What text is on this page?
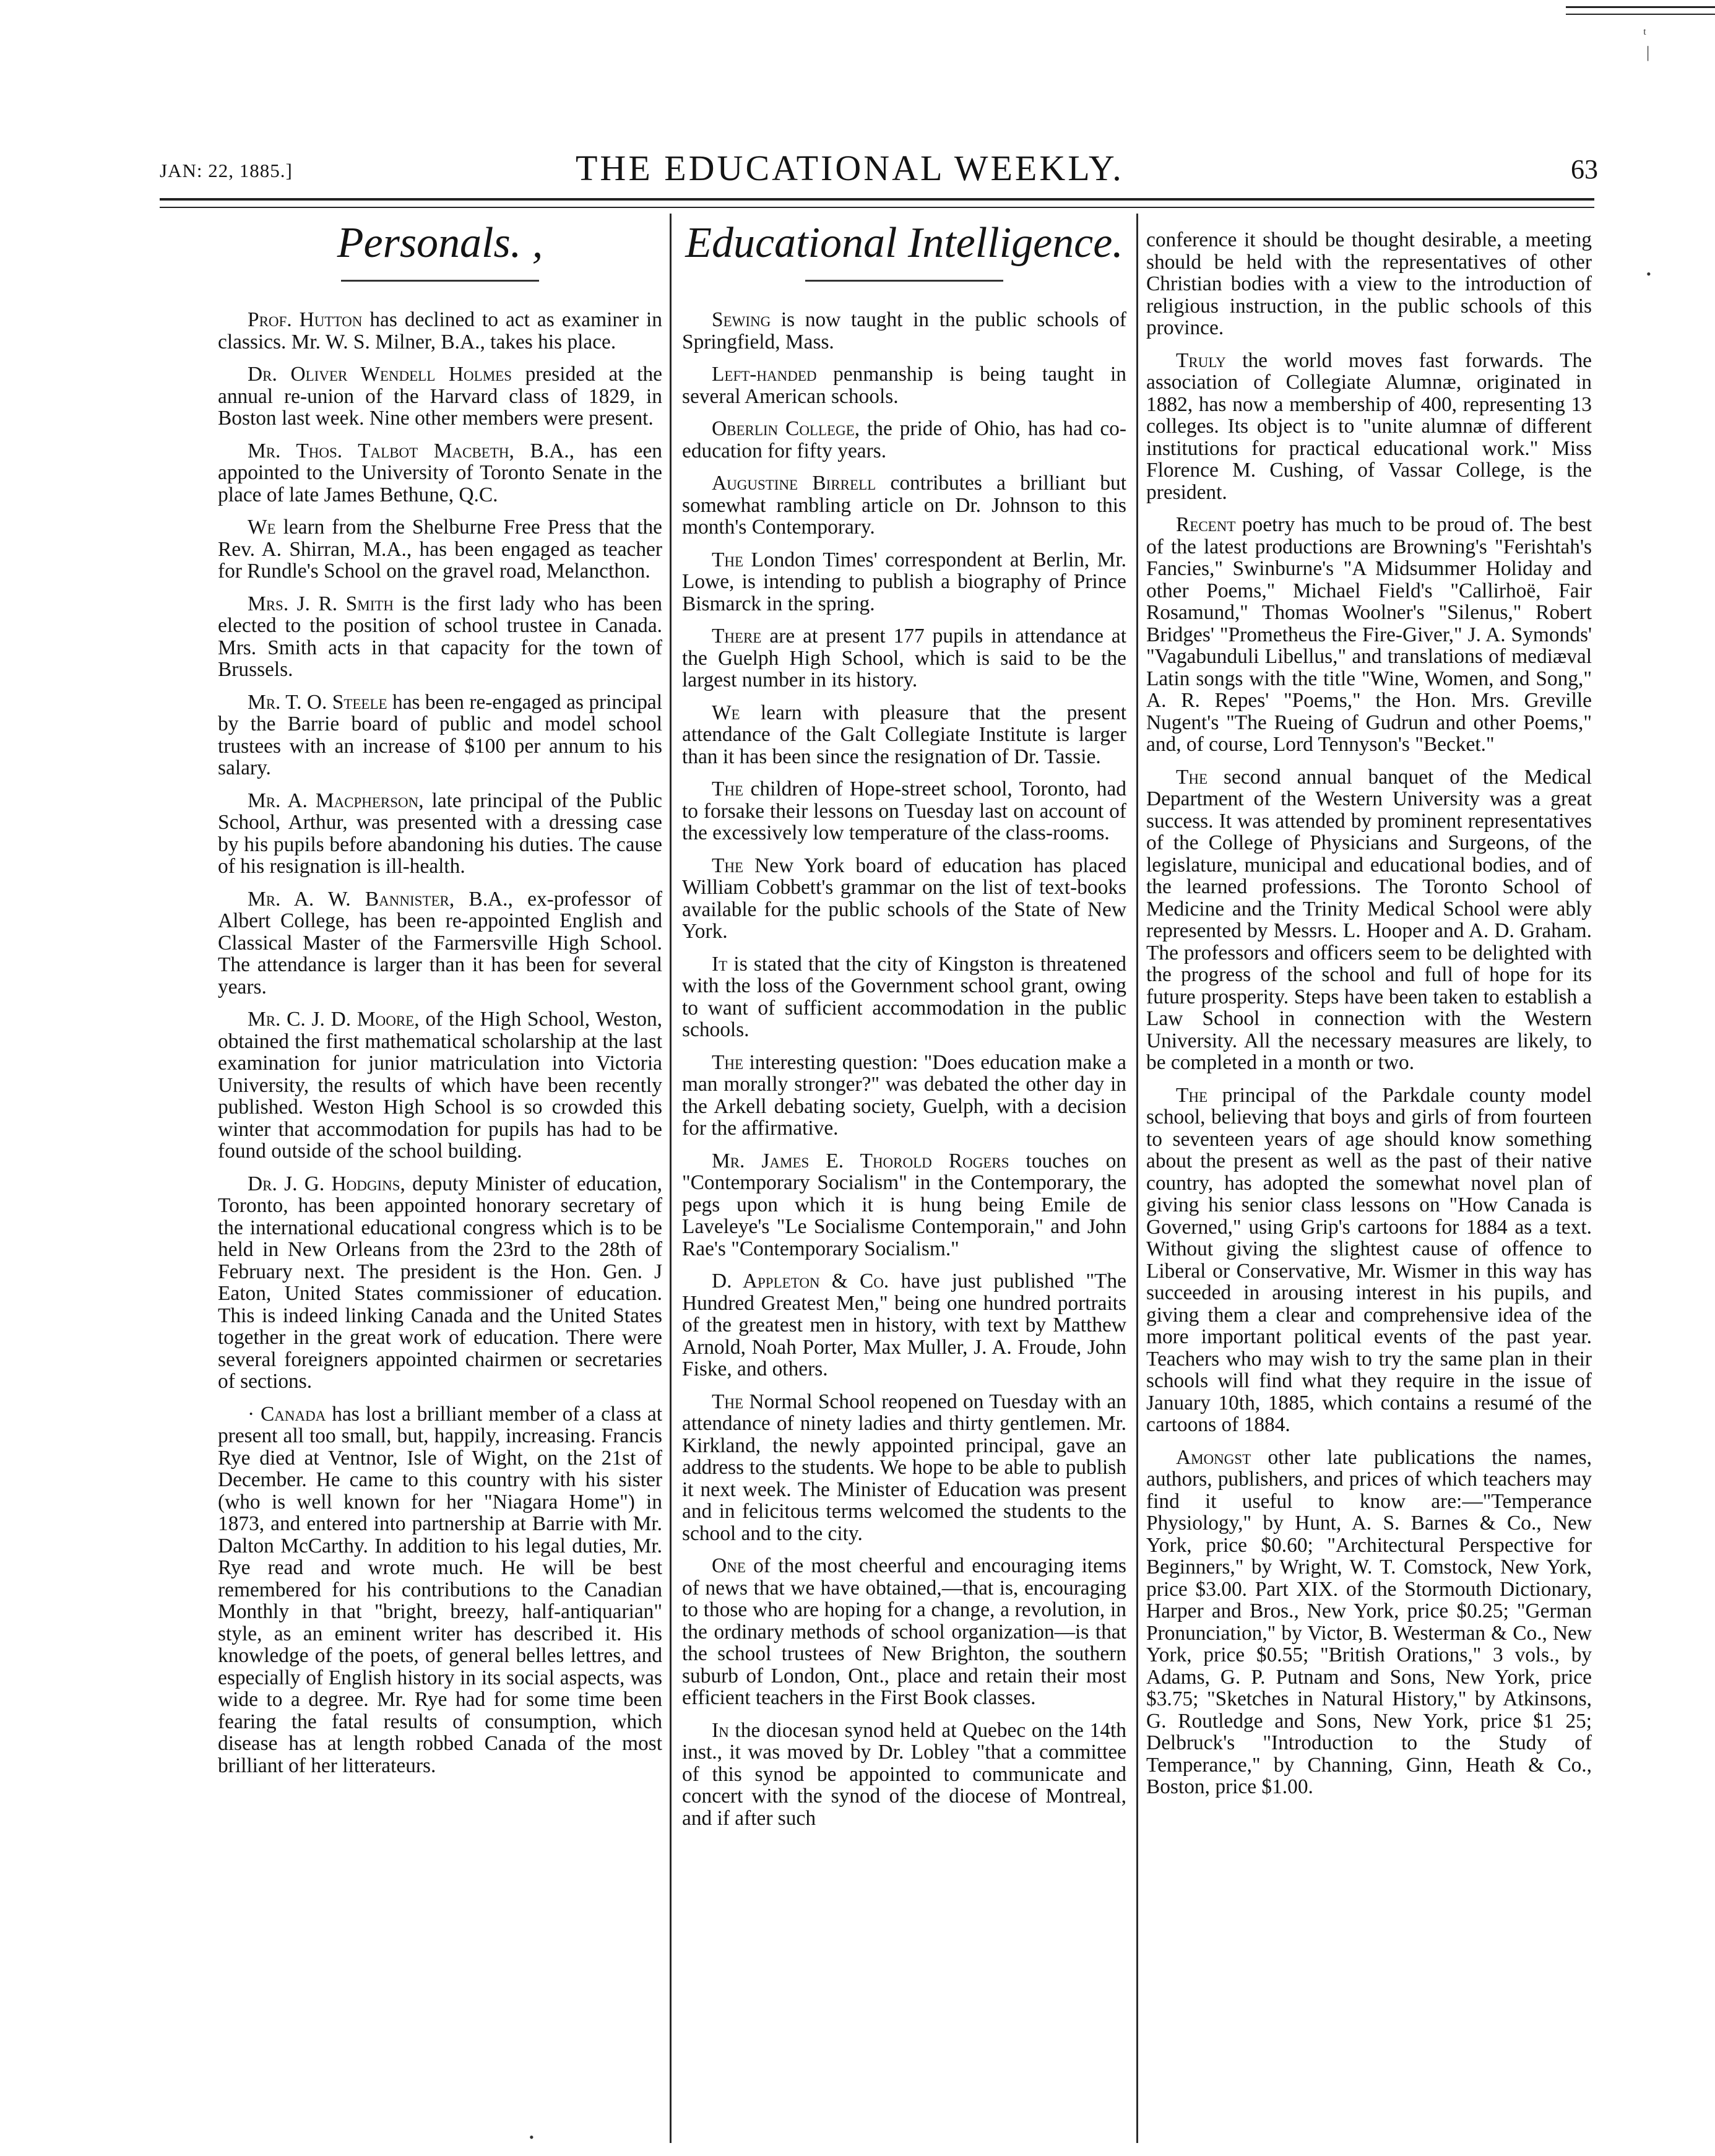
ᵗ
|
•
JAN: 22, 1885.]	THE EDUCATIONAL WEEKLY.	63
Personals. ,

Prof. Hutton has declined to act as examiner in classics. Mr. W. S. Milner, B.A., takes his place.

Dr. Oliver Wendell Holmes presided at the annual re-union of the Harvard class of 1829, in Boston last week. Nine other members were present.

Mr. Thos. Talbot Macbeth, B.A., has een appointed to the University of Toronto Senate in the place of late James Bethune, Q.C.

We learn from the Shelburne Free Press that the Rev. A. Shirran, M.A., has been engaged as teacher for Rundle's School on the gravel road, Melancthon.

Mrs. J. R. Smith is the first lady who has been elected to the position of school trustee in Canada. Mrs. Smith acts in that capacity for the town of Brussels.

Mr. T. O. Steele has been re-engaged as principal by the Barrie board of public and model school trustees with an increase of $100 per annum to his salary.

Mr. A. Macpherson, late principal of the Public School, Arthur, was presented with a dressing case by his pupils before abandoning his duties. The cause of his resignation is ill-health.

Mr. A. W. Bannister, B.A., ex-professor of Albert College, has been re-appointed English and Classical Master of the Farmersville High School. The attendance is larger than it has been for several years.

Mr. C. J. D. Moore, of the High School, Weston, obtained the first mathematical scholarship at the last examination for junior matriculation into Victoria University, the results of which have been recently published. Weston High School is so crowded this winter that accommodation for pupils has had to be found outside of the school building.

Dr. J. G. Hodgins, deputy Minister of education, Toronto, has been appointed honorary secretary of the international educational congress which is to be held in New Orleans from the 23rd to the 28th of February next. The president is the Hon. Gen. J Eaton, United States commissioner of education. This is indeed linking Canada and the United States together in the great work of education. There were several foreigners appointed chairmen or secretaries of sections.

· Canada has lost a brilliant member of a class at present all too small, but, happily, increasing. Francis Rye died at Ventnor, Isle of Wight, on the 21st of December. He came to this country with his sister (who is well known for her "Niagara Home") in 1873, and entered into partnership at Barrie with Mr. Dalton McCarthy. In addition to his legal duties, Mr. Rye read and wrote much. He will be best remembered for his contributions to the Canadian Monthly in that "bright, breezy, half-antiquarian" style, as an eminent writer has described it. His knowledge of the poets, of general belles lettres, and especially of English history in its social aspects, was wide to a degree. Mr. Rye had for some time been fearing the fatal results of consumption, which disease has at length robbed Canada of the most brilliant of her litterateurs.

Educational Intelligence.

Sewing is now taught in the public schools of Springfield, Mass.

Left-handed penmanship is being taught in several American schools.

Oberlin College, the pride of Ohio, has had co-education for fifty years.

Augustine Birrell contributes a brilliant but somewhat rambling article on Dr. Johnson to this month's Contemporary.

The London Times' correspondent at Berlin, Mr. Lowe, is intending to publish a biography of Prince Bismarck in the spring.

There are at present 177 pupils in attendance at the Guelph High School, which is said to be the largest number in its history.

We learn with pleasure that the present attendance of the Galt Collegiate Institute is larger than it has been since the resignation of Dr. Tassie.

The children of Hope-street school, Toronto, had to forsake their lessons on Tuesday last on account of the excessively low temperature of the class-rooms.

The New York board of education has placed William Cobbett's grammar on the list of text-books available for the public schools of the State of New York.

It is stated that the city of Kingston is threatened with the loss of the Government school grant, owing to want of sufficient accommodation in the public schools.

The interesting question: "Does education make a man morally stronger?" was debated the other day in the Arkell debating society, Guelph, with a decision for the affirmative.

Mr. James E. Thorold Rogers touches on "Contemporary Socialism" in the Contemporary, the pegs upon which it is hung being Emile de Laveleye's "Le Socialisme Contemporain," and John Rae's "Contemporary Socialism."

D. Appleton & Co. have just published "The Hundred Greatest Men," being one hundred portraits of the greatest men in history, with text by Matthew Arnold, Noah Porter, Max Muller, J. A. Froude, John Fiske, and others.

The Normal School reopened on Tuesday with an attendance of ninety ladies and thirty gentlemen. Mr. Kirkland, the newly appointed principal, gave an address to the students. We hope to be able to publish it next week. The Minister of Education was present and in felicitous terms welcomed the students to the school and to the city.

One of the most cheerful and encouraging items of news that we have obtained,—that is, encouraging to those who are hoping for a change, a revolution, in the ordinary methods of school organization—is that the school trustees of New Brighton, the southern suburb of London, Ont., place and retain their most efficient teachers in the First Book classes.

In the diocesan synod held at Quebec on the 14th inst., it was moved by Dr. Lobley "that a committee of this synod be appointed to communicate and concert with the synod of the diocese of Montreal, and if after such

conference it should be thought desirable, a meeting should be held with the representatives of other Christian bodies with a view to the introduction of religious instruction, in the public schools of this province.

Truly the world moves fast forwards. The association of Collegiate Alumnæ, originated in 1882, has now a membership of 400, representing 13 colleges. Its object is to "unite alumnæ of different institutions for practical educational work." Miss Florence M. Cushing, of Vassar College, is the president.

Recent poetry has much to be proud of. The best of the latest productions are Browning's "Ferishtah's Fancies," Swinburne's "A Midsummer Holiday and other Poems," Michael Field's "Callirhoë, Fair Rosamund," Thomas Woolner's "Silenus," Robert Bridges' "Prometheus the Fire-Giver," J. A. Symonds' "Vagabunduli Libellus," and translations of mediæval Latin songs with the title "Wine, Women, and Song," A. R. Repes' "Poems," the Hon. Mrs. Greville Nugent's "The Rueing of Gudrun and other Poems," and, of course, Lord Tennyson's "Becket."

The second annual banquet of the Medical Department of the Western University was a great success. It was attended by prominent representatives of the College of Physicians and Surgeons, of the legislature, municipal and educational bodies, and of the learned professions. The Toronto School of Medicine and the Trinity Medical School were ably represented by Messrs. L. Hooper and A. D. Graham. The professors and officers seem to be delighted with the progress of the school and full of hope for its future prosperity. Steps have been taken to establish a Law School in connection with the Western University. All the necessary measures are likely, to be completed in a month or two.

The principal of the Parkdale county model school, believing that boys and girls of from fourteen to seventeen years of age should know something about the present as well as the past of their native country, has adopted the somewhat novel plan of giving his senior class lessons on "How Canada is Governed," using Grip's cartoons for 1884 as a text. Without giving the slightest cause of offence to Liberal or Conservative, Mr. Wismer in this way has succeeded in arousing interest in his pupils, and giving them a clear and comprehensive idea of the more important political events of the past year. Teachers who may wish to try the same plan in their schools will find what they require in the issue of January 10th, 1885, which contains a resumé of the cartoons of 1884.

Amongst other late publications the names, authors, publishers, and prices of which teachers may find it useful to know are:—"Temperance Physiology," by Hunt, A. S. Barnes & Co., New York, price $0.60; "Architectural Perspective for Beginners," by Wright, W. T. Comstock, New York, price $3.00. Part XIX. of the Stormouth Dictionary, Harper and Bros., New York, price $0.25; "German Pronunciation," by Victor, B. Westerman & Co., New York, price $0.55; "British Orations," 3 vols., by Adams, G. P. Putnam and Sons, New York, price $3.75; "Sketches in Natural History," by Atkinsons, G. Routledge and Sons, New York, price $1 25; Delbruck's "Introduction to the Study of Temperance," by Channing, Ginn, Heath & Co., Boston, price $1.00.

•
